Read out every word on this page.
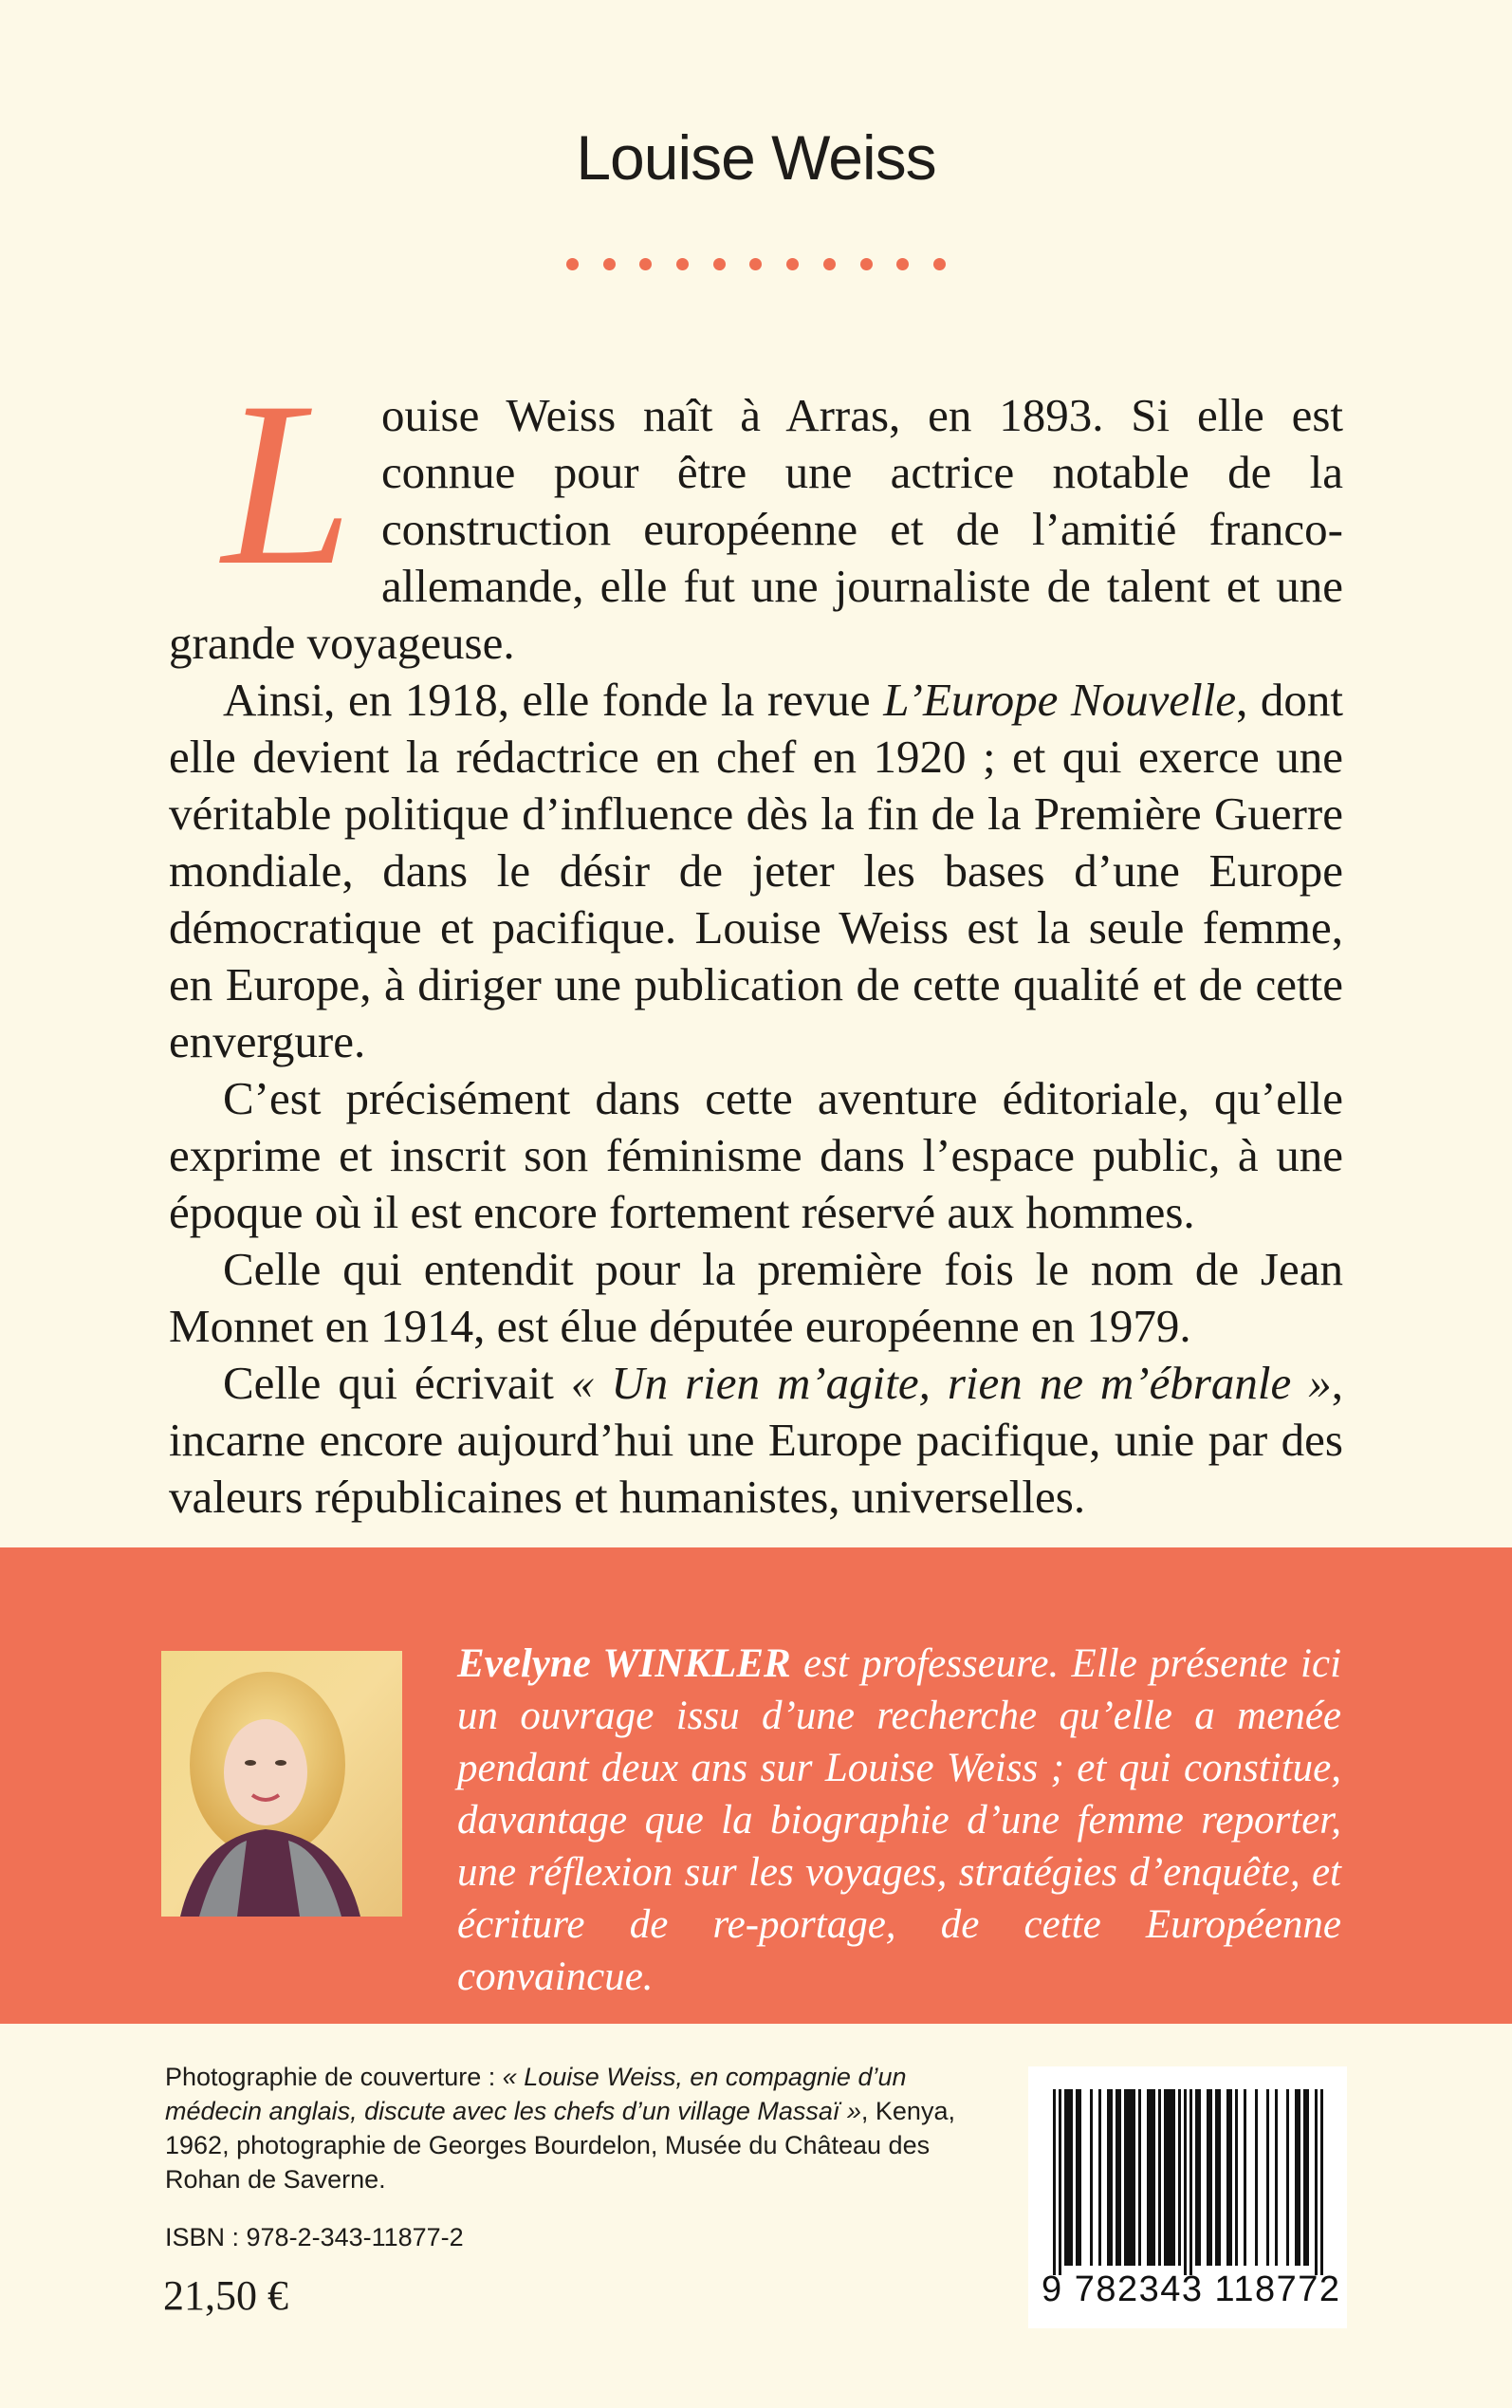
Louise Weiss
L ouise Weiss naît à Arras, en 1893. Si elle est connue pour être une actrice notable de la construction européenne et de l’amitié franco-allemande, elle fut une journaliste de talent et une grande voyageuse.

Ainsi, en 1918, elle fonde la revue L’Europe Nouvelle, dont elle devient la rédactrice en chef en 1920 ; et qui exerce une véritable politique d’influence dès la fin de la Première Guerre mondiale, dans le désir de jeter les bases d’une Europe démocratique et pacifique. Louise Weiss est la seule femme, en Europe, à diriger une publication de cette qualité et de cette envergure.

C’est précisément dans cette aventure éditoriale, qu’elle exprime et inscrit son féminisme dans l’espace public, à une époque où il est encore fortement réservé aux hommes.

Celle qui entendit pour la première fois le nom de Jean Monnet en 1914, est élue députée européenne en 1979.

Celle qui écrivait « Un rien m’agite, rien ne m’ébranle », incarne encore aujourd’hui une Europe pacifique, unie par des valeurs républicaines et humanistes, universelles.

Evelyne WINKLER est professeure. Elle présente ici un ouvrage issu d’une recherche qu’elle a menée pendant deux ans sur Louise Weiss ; et qui constitue, davantage que la biographie d’une femme reporter, une réflexion sur les voyages, stratégies d’enquête, et écriture de re-portage, de cette Européenne convaincue.
Photographie de couverture : « Louise Weiss, en compagnie d’un médecin anglais, discute avec les chefs d’un village Massaï », Kenya, 1962, photographie de Georges Bourdelon, Musée du Château des Rohan de Saverne.
ISBN : 978-2-343-11877-2
21,50 €	9 782343 118772
